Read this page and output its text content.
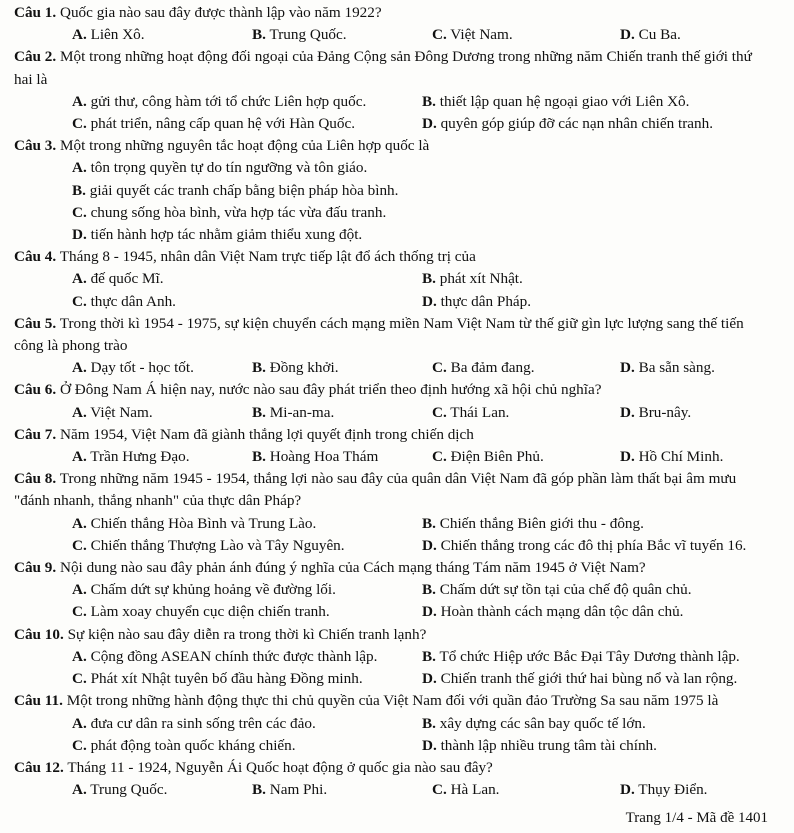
Câu 1. Quốc gia nào sau đây được thành lập vào năm 1922?
A. Liên Xô.	B. Trung Quốc.	C. Việt Nam.	D. Cu Ba.
Câu 2. Một trong những hoạt động đối ngoại của Đảng Cộng sản Đông Dương trong những năm Chiến tranh thế giới thứ hai là
A. gửi thư, công hàm tới tổ chức Liên hợp quốc.	B. thiết lập quan hệ ngoại giao với Liên Xô.
C. phát triển, nâng cấp quan hệ với Hàn Quốc.	D. quyên góp giúp đỡ các nạn nhân chiến tranh.
Câu 3. Một trong những nguyên tắc hoạt động của Liên hợp quốc là
A. tôn trọng quyền tự do tín ngưỡng và tôn giáo.
B. giải quyết các tranh chấp bằng biện pháp hòa bình.
C. chung sống hòa bình, vừa hợp tác vừa đấu tranh.
D. tiến hành hợp tác nhằm giảm thiểu xung đột.
Câu 4. Tháng 8 - 1945, nhân dân Việt Nam trực tiếp lật đổ ách thống trị của
A. đế quốc Mĩ.	B. phát xít Nhật.
C. thực dân Anh.	D. thực dân Pháp.
Câu 5. Trong thời kì 1954 - 1975, sự kiện chuyển cách mạng miền Nam Việt Nam từ thế giữ gìn lực lượng sang thế tiến công là phong trào
A. Dạy tốt - học tốt.	B. Đồng khởi.	C. Ba đảm đang.	D. Ba sẵn sàng.
Câu 6. Ở Đông Nam Á hiện nay, nước nào sau đây phát triển theo định hướng xã hội chủ nghĩa?
A. Việt Nam.	B. Mi-an-ma.	C. Thái Lan.	D. Bru-nây.
Câu 7. Năm 1954, Việt Nam đã giành thắng lợi quyết định trong chiến dịch
A. Trần Hưng Đạo.	B. Hoàng Hoa Thám	C. Điện Biên Phủ.	D. Hồ Chí Minh.
Câu 8. Trong những năm 1945 - 1954, thắng lợi nào sau đây của quân dân Việt Nam đã góp phần làm thất bại âm mưu "đánh nhanh, thắng nhanh" của thực dân Pháp?
A. Chiến thắng Hòa Bình và Trung Lào.	B. Chiến thắng Biên giới thu - đông.
C. Chiến thắng Thượng Lào và Tây Nguyên.	D. Chiến thắng trong các đô thị phía Bắc vĩ tuyến 16.
Câu 9. Nội dung nào sau đây phản ánh đúng ý nghĩa của Cách mạng tháng Tám năm 1945 ở Việt Nam?
A. Chấm dứt sự khủng hoảng về đường lối.	B. Chấm dứt sự tồn tại của chế độ quân chủ.
C. Làm xoay chuyển cục diện chiến tranh.	D. Hoàn thành cách mạng dân tộc dân chủ.
Câu 10. Sự kiện nào sau đây diễn ra trong thời kì Chiến tranh lạnh?
A. Cộng đồng ASEAN chính thức được thành lập.	B. Tổ chức Hiệp ước Bắc Đại Tây Dương thành lập.
C. Phát xít Nhật tuyên bố đầu hàng Đồng minh.	D. Chiến tranh thế giới thứ hai bùng nổ và lan rộng.
Câu 11. Một trong những hành động thực thi chủ quyền của Việt Nam đối với quần đảo Trường Sa sau năm 1975 là
A. đưa cư dân ra sinh sống trên các đảo.	B. xây dựng các sân bay quốc tế lớn.
C. phát động toàn quốc kháng chiến.	D. thành lập nhiều trung tâm tài chính.
Câu 12. Tháng 11 - 1924, Nguyễn Ái Quốc hoạt động ở quốc gia nào sau đây?
A. Trung Quốc.	B. Nam Phi.	C. Hà Lan.	D. Thụy Điển.
Trang 1/4 - Mã đề 1401
